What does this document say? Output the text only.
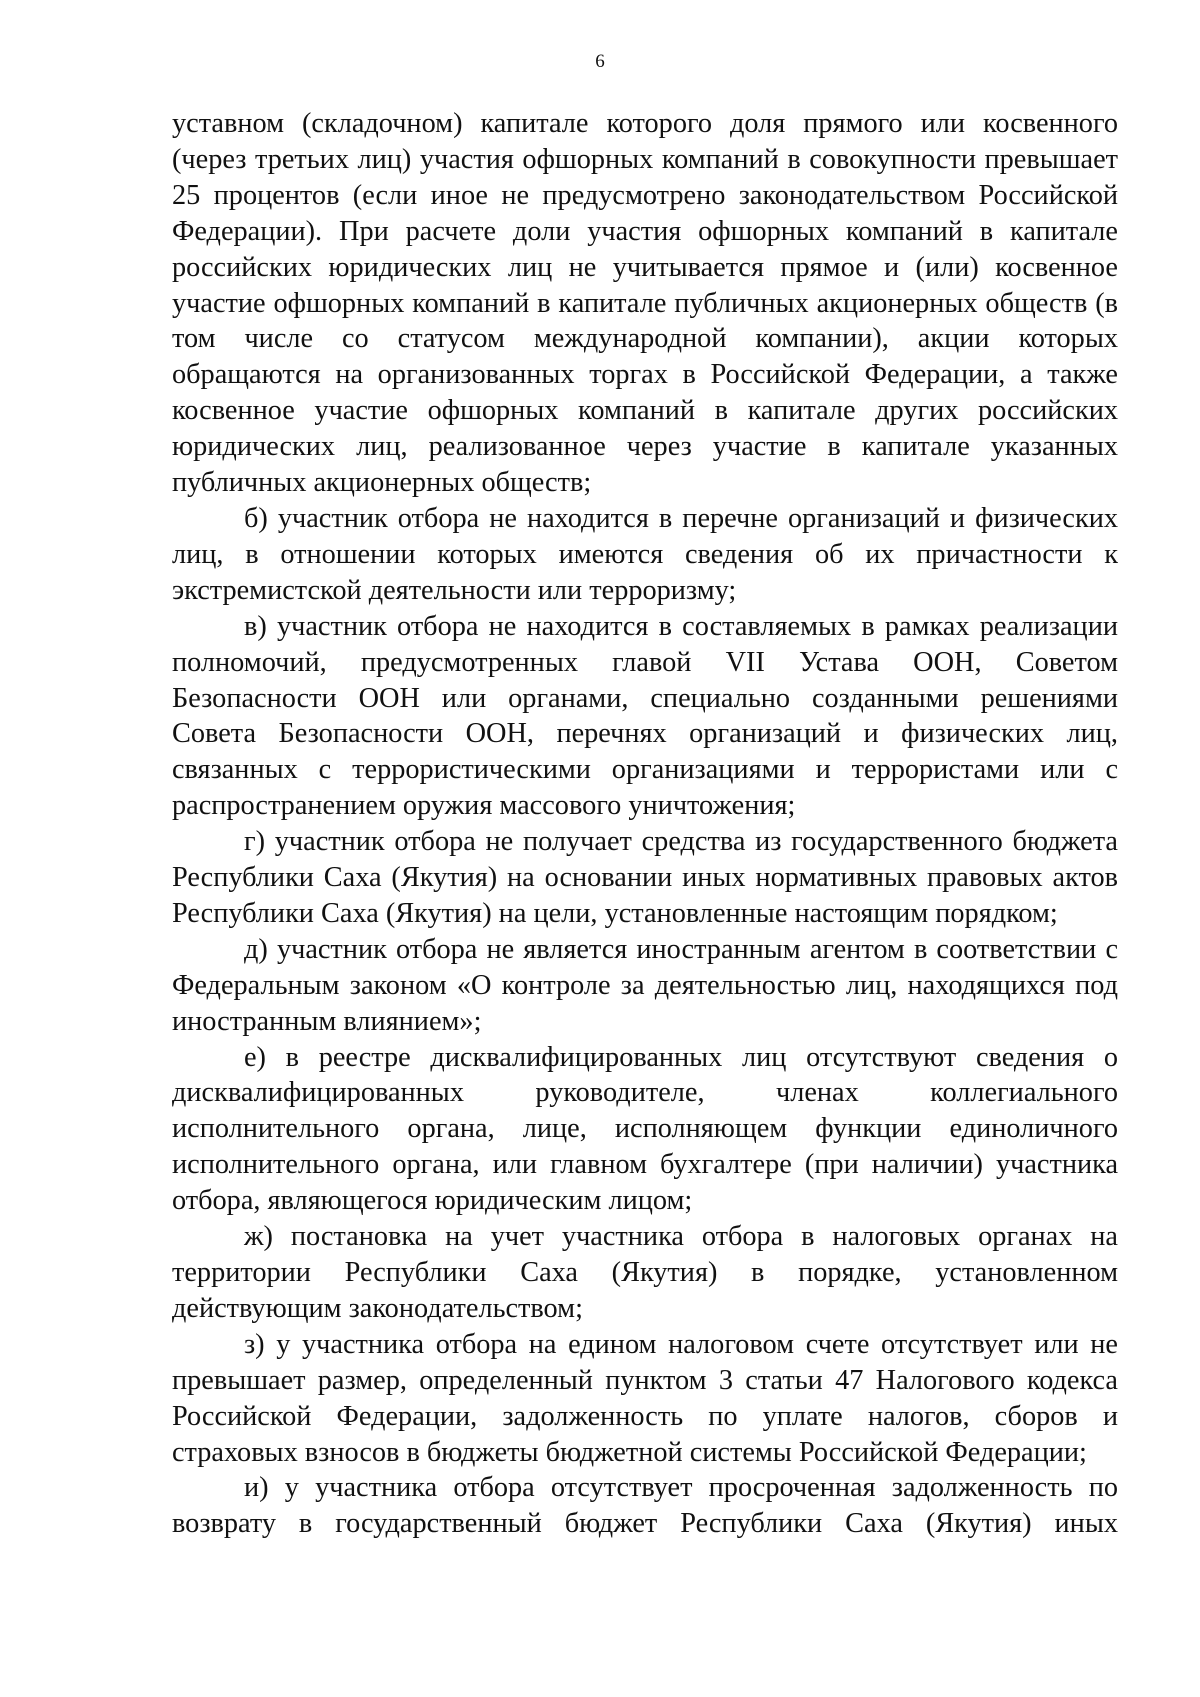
6

уставном (складочном) капитале которого доля прямого или косвенного (через третьих лиц) участия офшорных компаний в совокупности превышает 25 процентов (если иное не предусмотрено законодательством Российской Федерации). При расчете доли участия офшорных компаний в капитале российских юридических лиц не учитывается прямое и (или) косвенное участие офшорных компаний в капитале публичных акционерных обществ (в том числе со статусом международной компании), акции которых обращаются на организованных торгах в Российской Федерации, а также косвенное участие офшорных компаний в капитале других российских юридических лиц, реализованное через участие в капитале указанных публичных акционерных обществ;

б) участник отбора не находится в перечне организаций и физических лиц, в отношении которых имеются сведения об их причастности к экстремистской деятельности или терроризму;

в) участник отбора не находится в составляемых в рамках реализации полномочий, предусмотренных главой VII Устава ООН, Советом Безопасности ООН или органами, специально созданными решениями Совета Безопасности ООН, перечнях организаций и физических лиц, связанных с террористическими организациями и террористами или с распространением оружия массового уничтожения;

г) участник отбора не получает средства из государственного бюджета Республики Саха (Якутия) на основании иных нормативных правовых актов Республики Саха (Якутия) на цели, установленные настоящим порядком;

д) участник отбора не является иностранным агентом в соответствии с Федеральным законом «О контроле за деятельностью лиц, находящихся под иностранным влиянием»;

е) в реестре дисквалифицированных лиц отсутствуют сведения о дисквалифицированных руководителе, членах коллегиального исполнительного органа, лице, исполняющем функции единоличного исполнительного органа, или главном бухгалтере (при наличии) участника отбора, являющегося юридическим лицом;

ж) постановка на учет участника отбора в налоговых органах на территории Республики Саха (Якутия) в порядке, установленном действующим законодательством;

з) у участника отбора на едином налоговом счете отсутствует или не превышает размер, определенный пунктом 3 статьи 47 Налогового кодекса Российской Федерации, задолженность по уплате налогов, сборов и страховых взносов в бюджеты бюджетной системы Российской Федерации;

и) у участника отбора отсутствует просроченная задолженность по возврату в государственный бюджет Республики Саха (Якутия) иных
